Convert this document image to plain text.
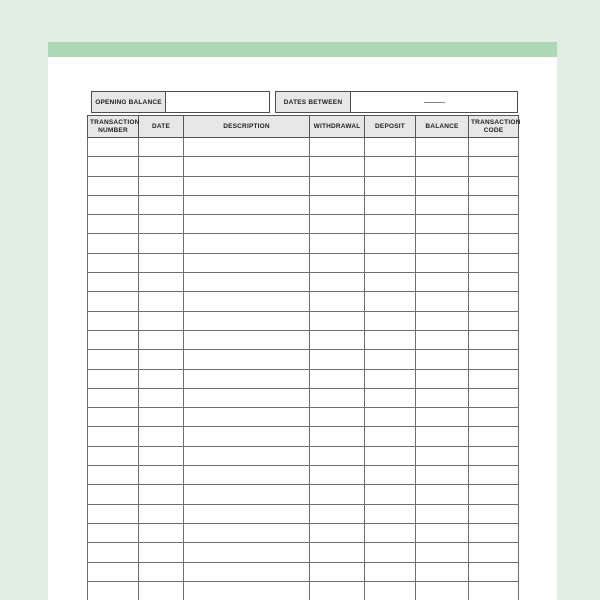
OPENING BALANCE	DATES BETWEEN
TRANSACTION NUMBER	DATE	DESCRIPTION	WITHDRAWAL	DEPOSIT	BALANCE	TRANSACTION CODE
